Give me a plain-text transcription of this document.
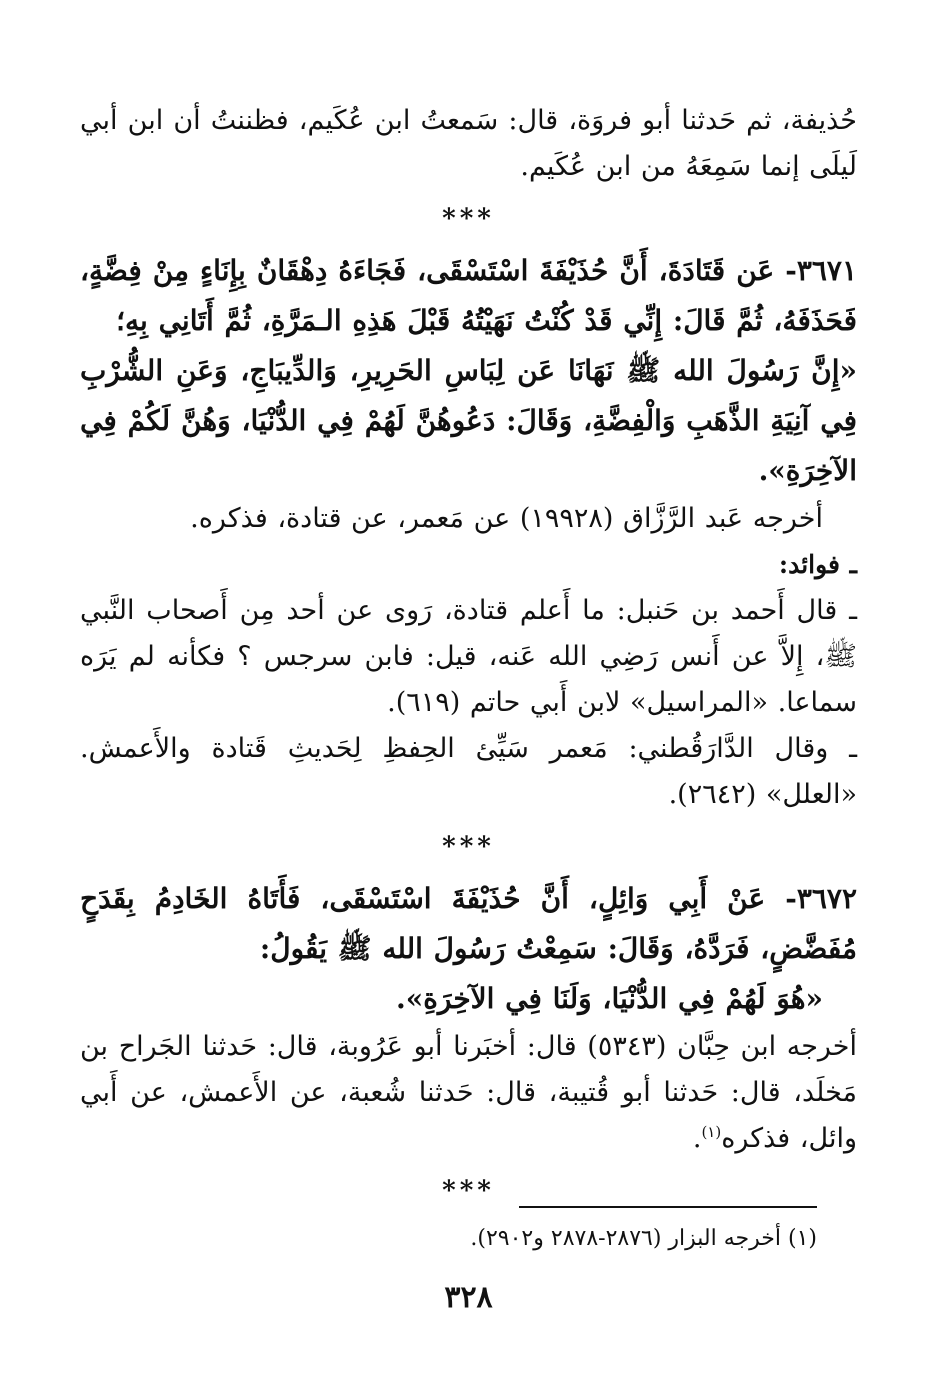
حُذيفة، ثم حَدثنا أبو فروَة، قال: سَمعتُ ابن عُكَيم، فظننتُ أن ابن أبي لَيلَى إنما سَمِعَهُ من ابن عُكَيم.

***

٣٦٧١- عَن قَتَادَةَ، أَنَّ حُذَيْفَةَ اسْتَسْقَى، فَجَاءَهُ دِهْقَانٌ بِإِنَاءٍ مِنْ فِضَّةٍ، فَحَذَفَهُ، ثُمَّ قَالَ: إِنِّي قَدْ كُنْتُ نَهَيْتُهُ قَبْلَ هَذِهِ الـمَرَّةِ، ثُمَّ أَتَانِي بِهِ؛

«إِنَّ رَسُولَ الله ﷺ نَهَانَا عَن لِبَاسِ الحَرِيرِ، وَالدِّيبَاجِ، وَعَنِ الشُّرْبِ فِي آنِيَةِ الذَّهَبِ وَالْفِضَّةِ، وَقَالَ: دَعُوهُنَّ لَهُمْ فِي الدُّنْيَا، وَهُنَّ لَكُمْ فِي الآخِرَةِ».

أخرجه عَبد الرَّزَّاق (١٩٩٢٨) عن مَعمر، عن قتادة، فذكره.

ـ فوائد:

ـ قال أَحمد بن حَنبل: ما أَعلم قتادة، رَوى عن أحد مِن أَصحاب النَّبي ﷺ، إِلاَّ عن أَنس رَضِي الله عَنه، قيل: فابن سرجس ؟ فكأنه لم يَرَه سماعا. «المراسيل» لابن أَبي حاتم (٦١٩).

ـ وقال الدَّارَقُطني: مَعمر سَيِّئ الحِفظِ لِحَديثِ قَتادة والأَعمش. «العلل» (٢٦٤٢).

***

٣٦٧٢- عَنْ أَبِي وَائِلٍ، أَنَّ حُذَيْفَةَ اسْتَسْقَى، فَأَتَاهُ الخَادِمُ بِقَدَحٍ مُفَضَّضٍ، فَرَدَّهُ، وَقَالَ: سَمِعْتُ رَسُولَ الله ﷺ يَقُولُ:

«هُوَ لَهُمْ فِي الدُّنْيَا، وَلَنَا فِي الآخِرَةِ».

أخرجه ابن حِبَّان (٥٣٤٣) قال: أخبَرنا أبو عَرُوبة، قال: حَدثنا الجَراح بن مَخلَد، قال: حَدثنا أبو قُتيبة، قال: حَدثنا شُعبة، عن الأَعمش، عن أَبي وائل، فذكره$^{(١)}$.

***
(١) أخرجه البزار (٢٨٧٦-٢٨٧٨ و٢٩٠٢).
٣٢٨
